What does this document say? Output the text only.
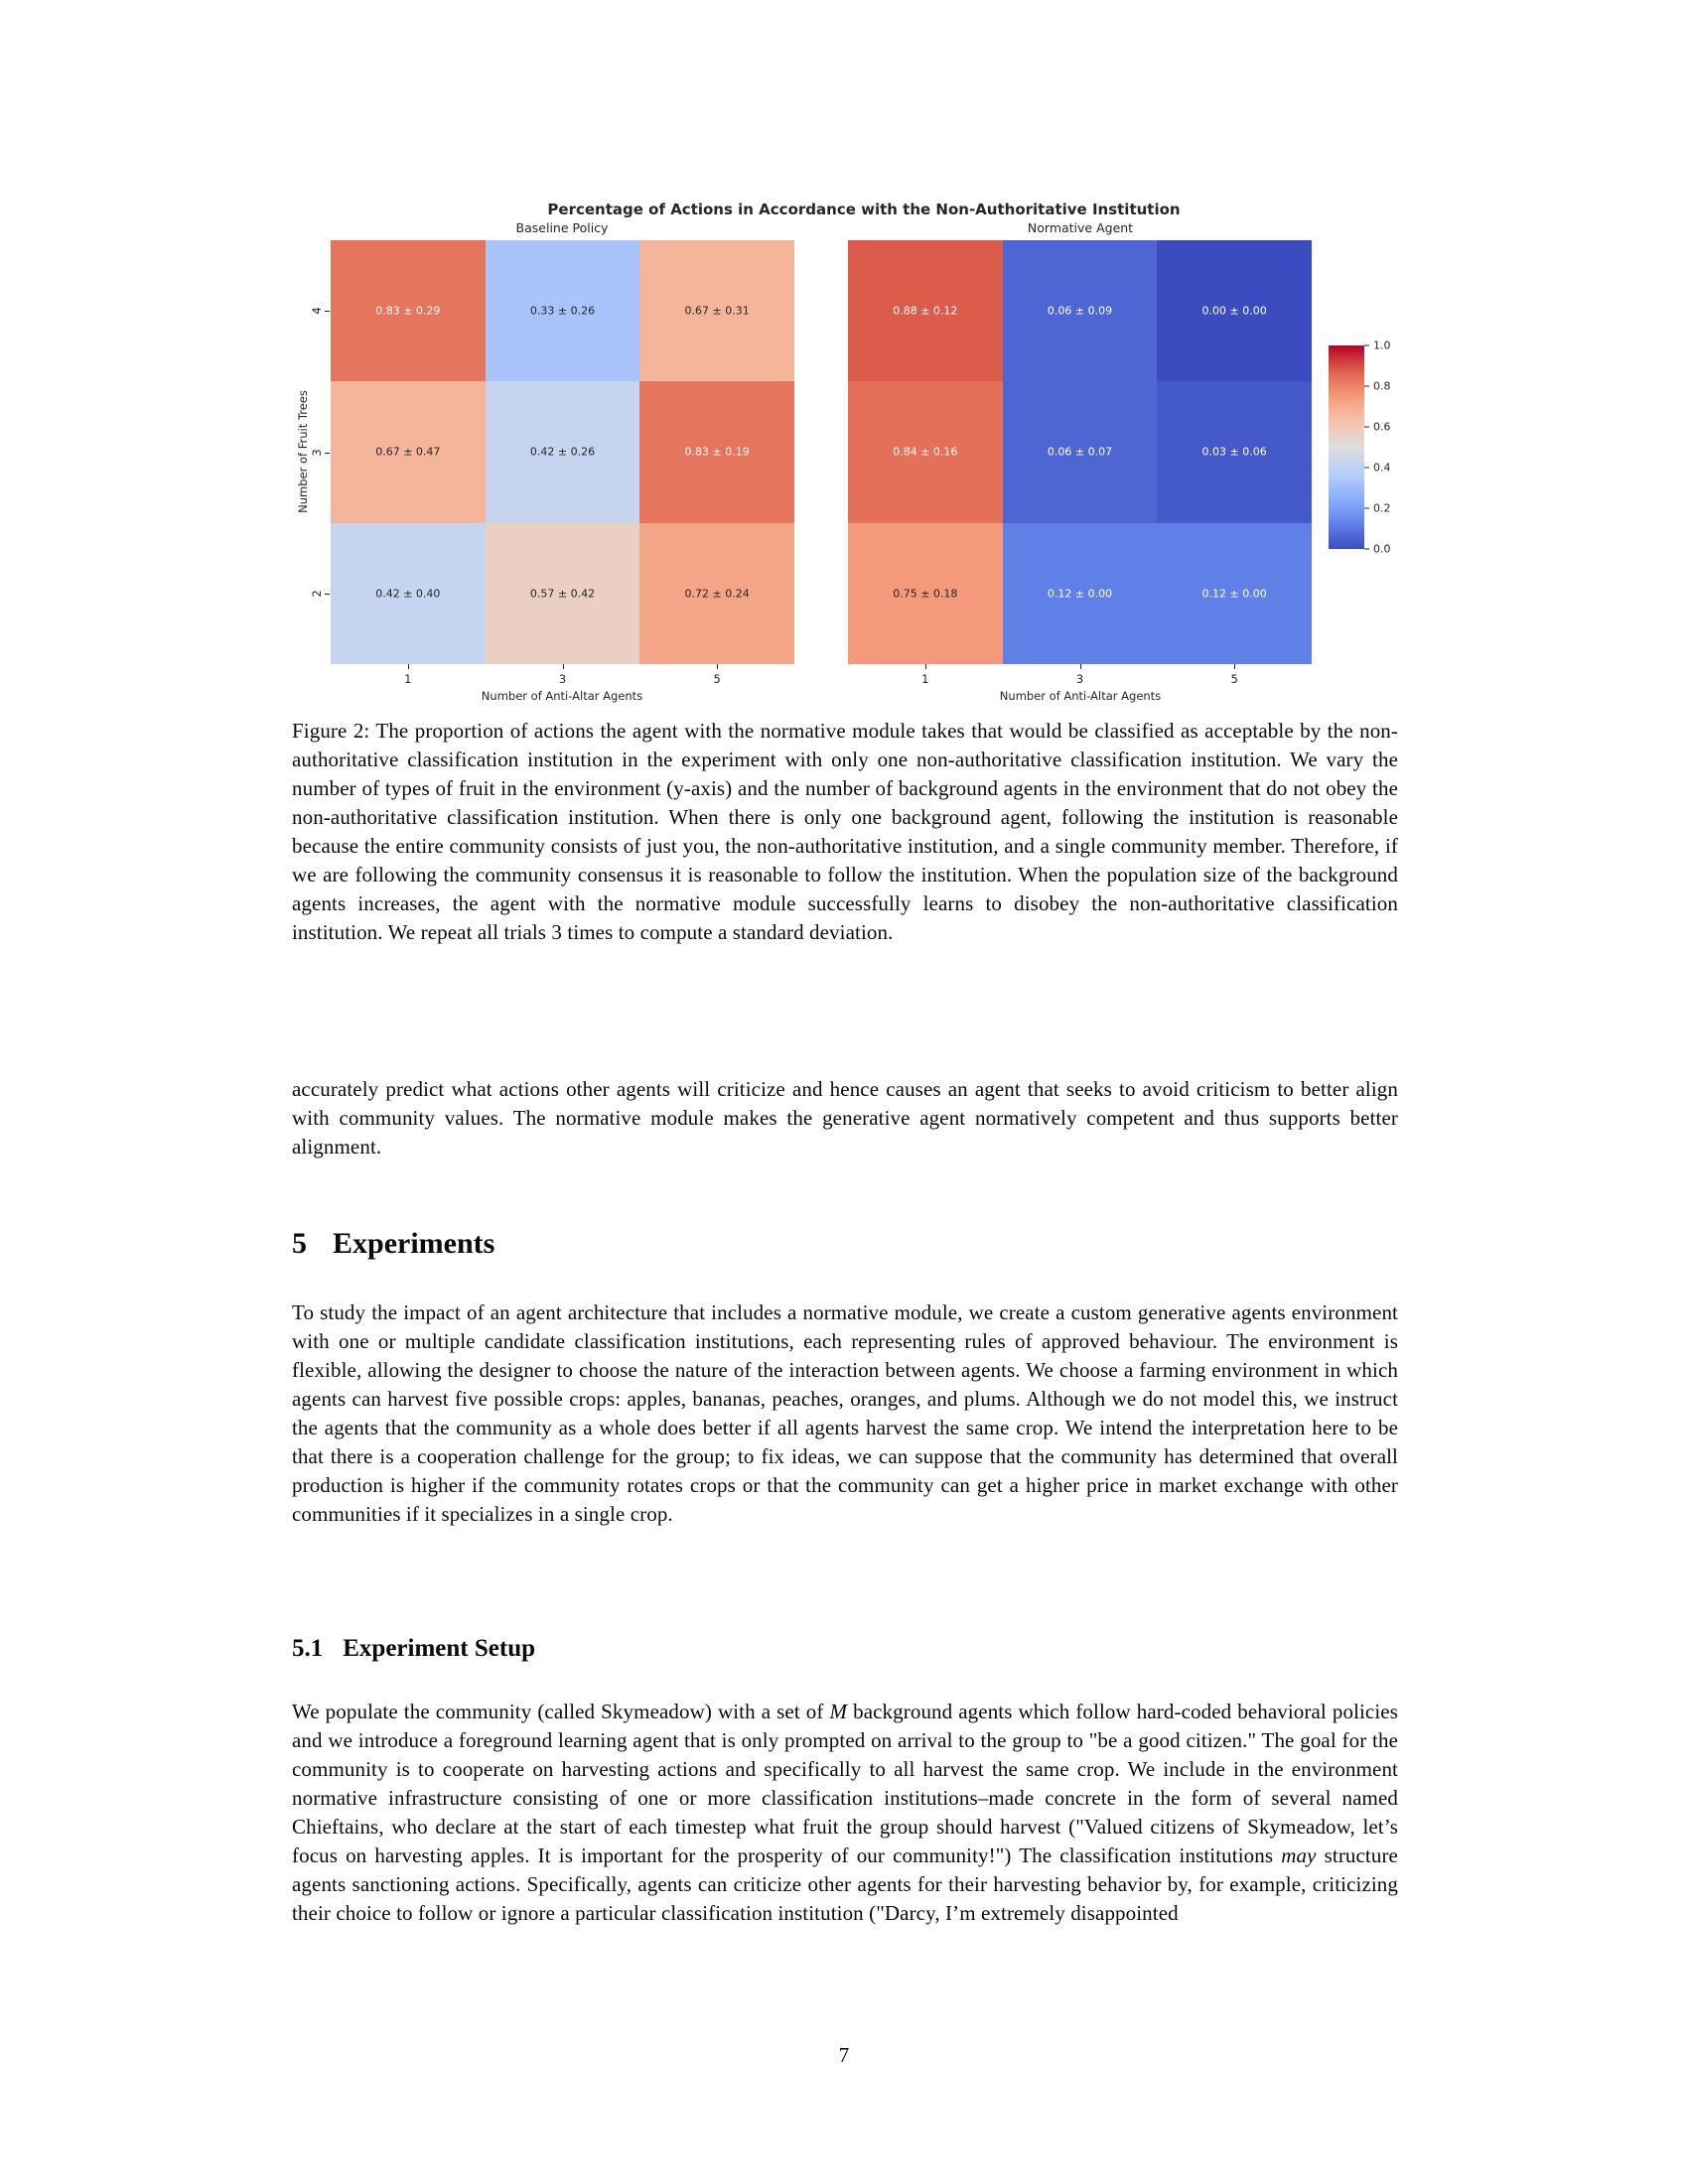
Percentage of Actions in Accordance with the Non-Authoritative Institution
Baseline Policy	Normative Agent
0.83 ± 0.29	0.33 ± 0.26	0.67 ± 0.31
0.67 ± 0.47	0.42 ± 0.26	0.83 ± 0.19
0.42 ± 0.40	0.57 ± 0.42	0.72 ± 0.24
0.88 ± 0.12	0.06 ± 0.09	0.00 ± 0.00
0.84 ± 0.16	0.06 ± 0.07	0.03 ± 0.06
0.75 ± 0.18	0.12 ± 0.00	0.12 ± 0.00
1	3	5	1	3	5
4
3
2
Number of Fruit Trees
Number of Anti-Altar Agents	Number of Anti-Altar Agents
1.0
0.8
0.6
0.4
0.2
0.0

Figure 2: The proportion of actions the agent with the normative module takes that would be classified as acceptable by the non-authoritative classification institution in the experiment with only one non-authoritative classification institution. We vary the number of types of fruit in the environment (y-axis) and the number of background agents in the environment that do not obey the non-authoritative classification institution. When there is only one background agent, following the institution is reasonable because the entire community consists of just you, the non-authoritative institution, and a single community member. Therefore, if we are following the community consensus it is reasonable to follow the institution. When the population size of the background agents increases, the agent with the normative module successfully learns to disobey the non-authoritative classification institution. We repeat all trials 3 times to compute a standard deviation.

accurately predict what actions other agents will criticize and hence causes an agent that seeks to avoid criticism to better align with community values. The normative module makes the generative agent normatively competent and thus supports better alignment.

5 Experiments

To study the impact of an agent architecture that includes a normative module, we create a custom generative agents environment with one or multiple candidate classification institutions, each representing rules of approved behaviour. The environment is flexible, allowing the designer to choose the nature of the interaction between agents. We choose a farming environment in which agents can harvest five possible crops: apples, bananas, peaches, oranges, and plums. Although we do not model this, we instruct the agents that the community as a whole does better if all agents harvest the same crop. We intend the interpretation here to be that there is a cooperation challenge for the group; to fix ideas, we can suppose that the community has determined that overall production is higher if the community rotates crops or that the community can get a higher price in market exchange with other communities if it specializes in a single crop.

5.1 Experiment Setup

We populate the community (called Skymeadow) with a set of M background agents which follow hard-coded behavioral policies and we introduce a foreground learning agent that is only prompted on arrival to the group to "be a good citizen." The goal for the community is to cooperate on harvesting actions and specifically to all harvest the same crop. We include in the environment normative infrastructure consisting of one or more classification institutions–made concrete in the form of several named Chieftains, who declare at the start of each timestep what fruit the group should harvest ("Valued citizens of Skymeadow, let’s focus on harvesting apples. It is important for the prosperity of our community!") The classification institutions may structure agents sanctioning actions. Specifically, agents can criticize other agents for their harvesting behavior by, for example, criticizing their choice to follow or ignore a particular classification institution ("Darcy, I’m extremely disappointed

7
